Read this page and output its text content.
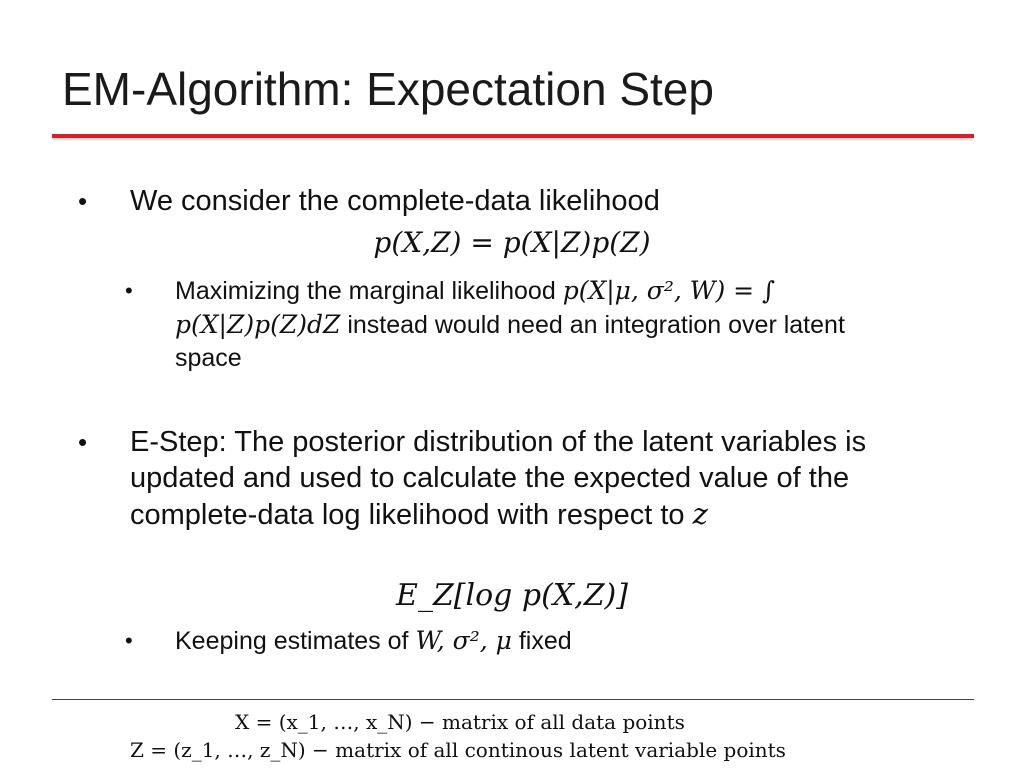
EM-Algorithm: Expectation Step
• We consider the complete-data likelihood
p(X,Z) = p(X|Z)p(Z)
• Maximizing the marginal likelihood p(X|μ, σ², W) = ∫ p(X|Z)p(Z)dZ instead would need an integration over latent space
• E-Step: The posterior distribution of the latent variables is updated and used to calculate the expected value of the complete-data log likelihood with respect to z
E_Z[log p(X,Z)]
• Keeping estimates of W, σ², μ fixed
X = (x_1, …, x_N) − matrix of all data points
Z = (z_1, …, z_N) − matrix of all continous latent variable points
